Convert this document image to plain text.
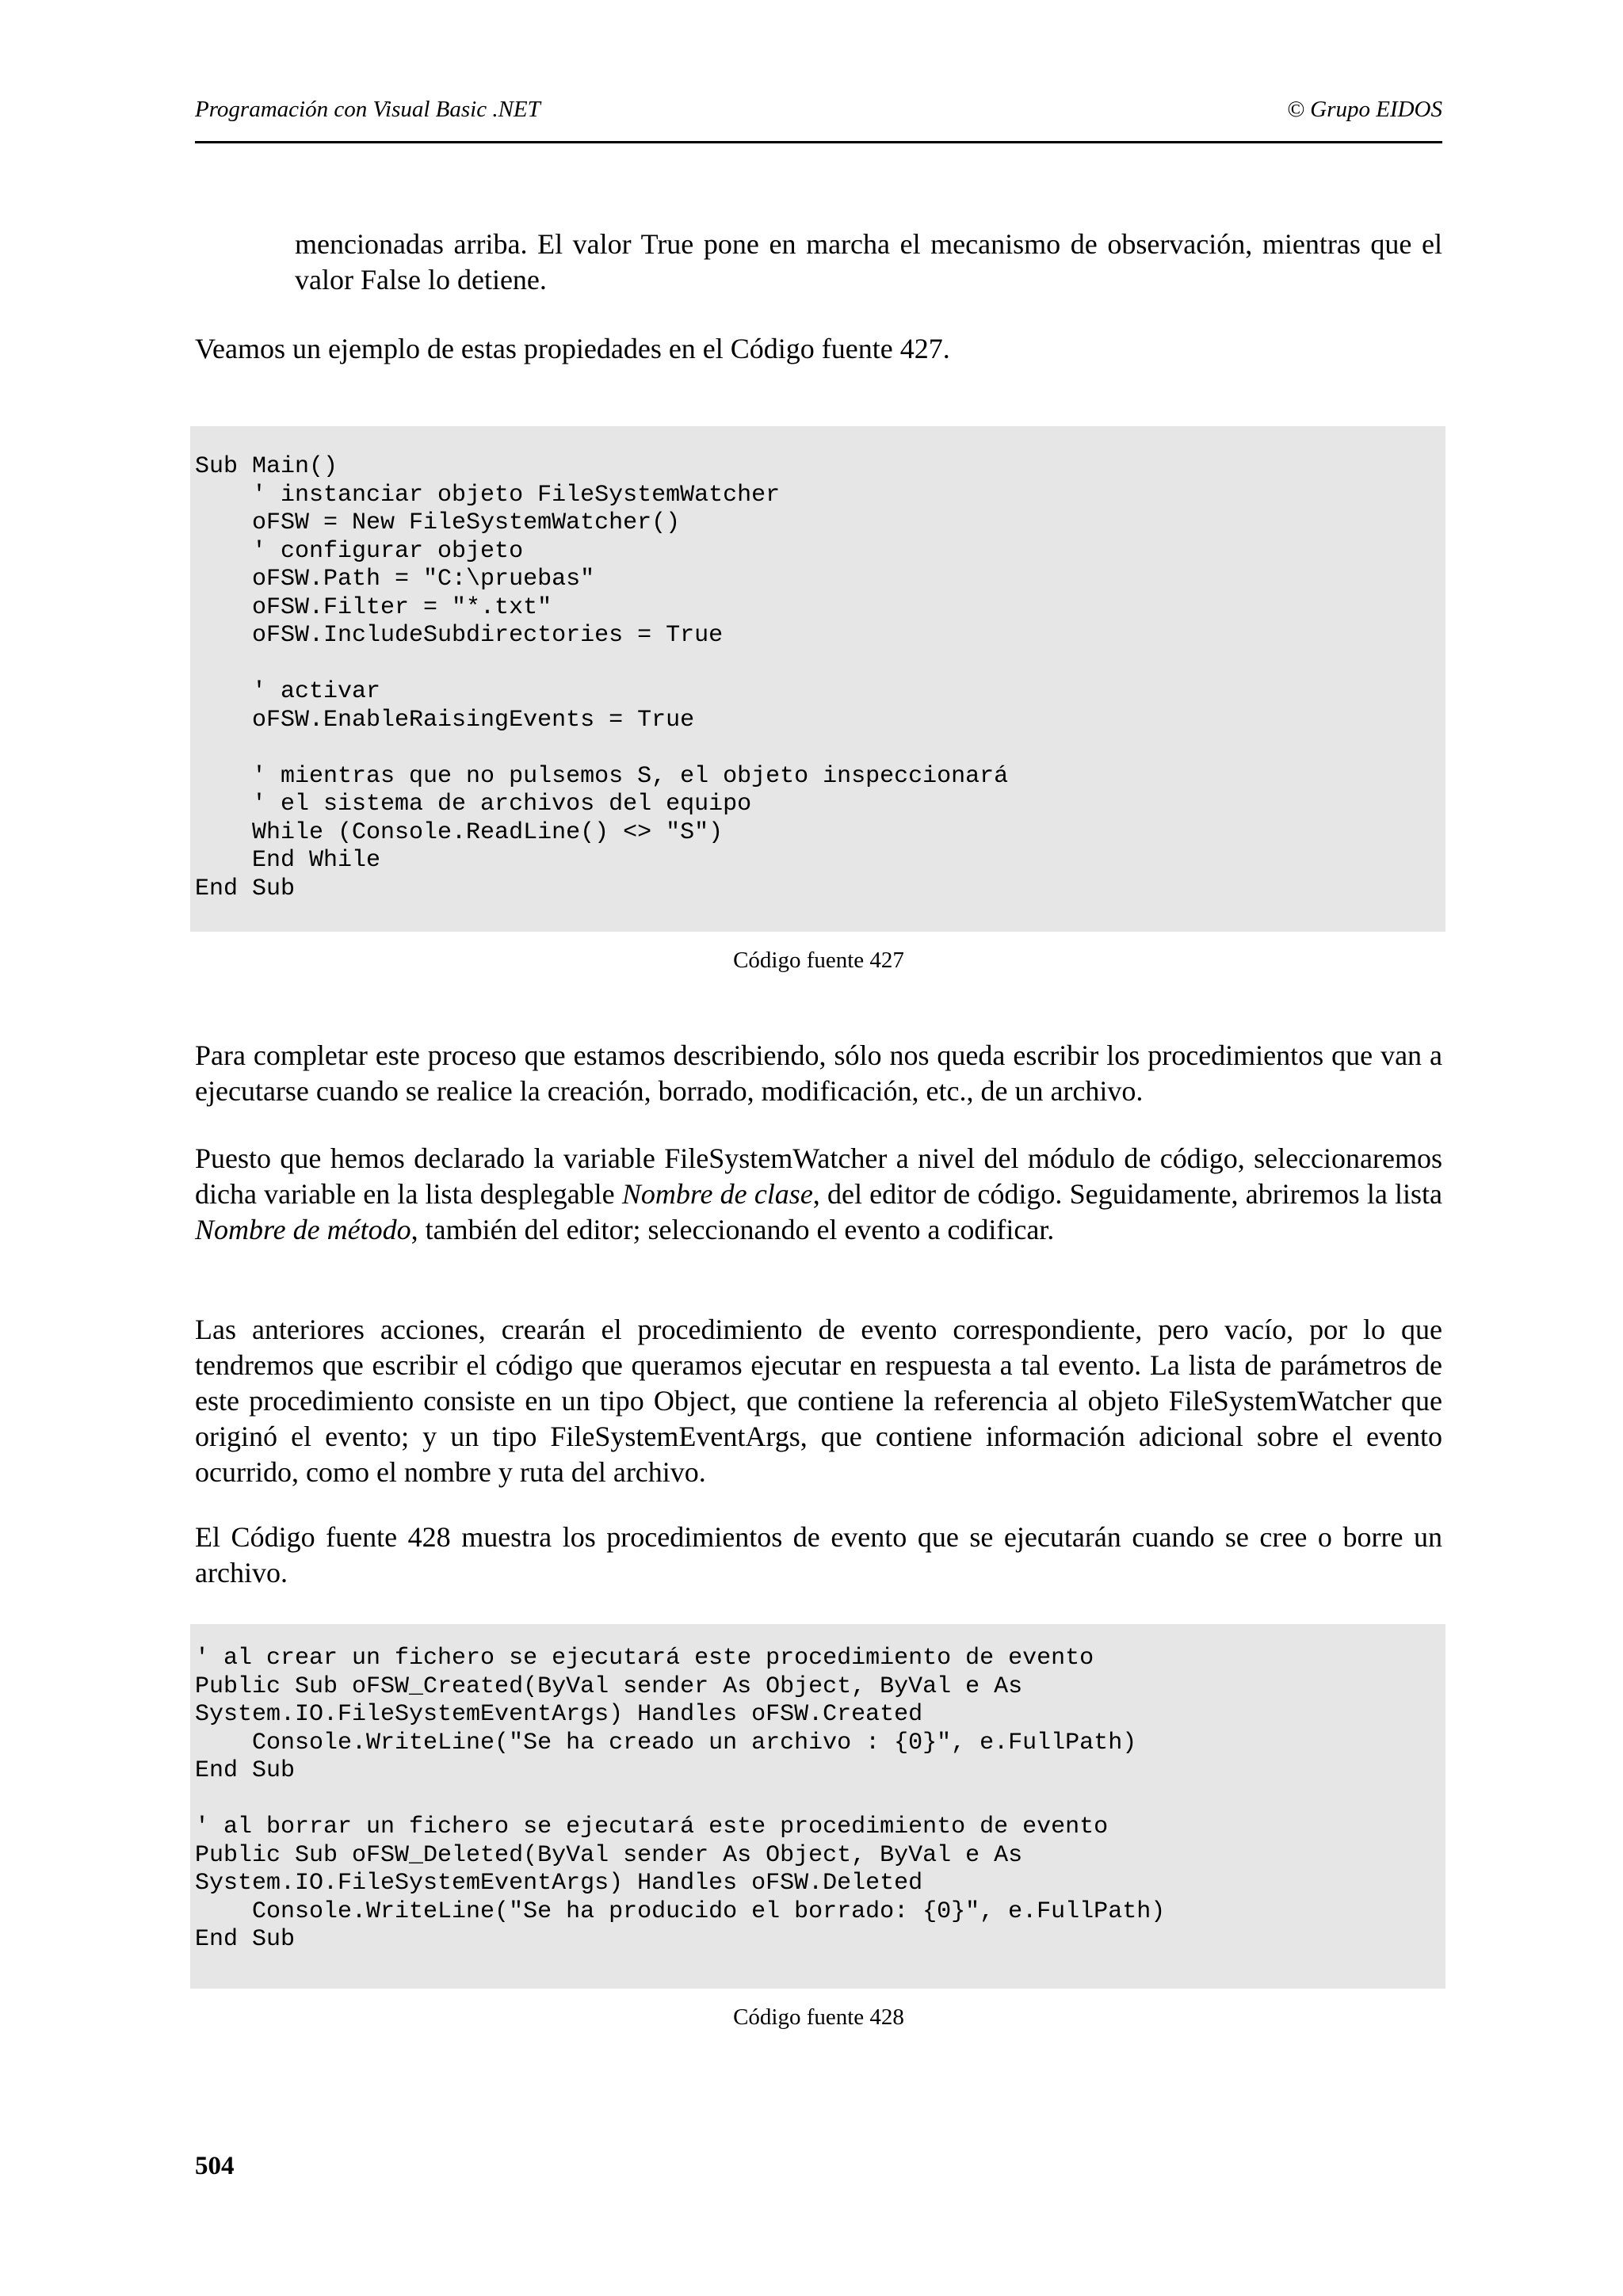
Programación con Visual Basic .NET	© Grupo EIDOS

mencionadas arriba. El valor True pone en marcha el mecanismo de observación, mientras que el valor False lo detiene.

Veamos un ejemplo de estas propiedades en el Código fuente 427.

Sub Main()
' instanciar objeto FileSystemWatcher
oFSW = New FileSystemWatcher()
' configurar objeto
oFSW.Path = "C:\pruebas"
oFSW.Filter = "*.txt"
oFSW.IncludeSubdirectories = True

' activar
oFSW.EnableRaisingEvents = True

' mientras que no pulsemos S, el objeto inspeccionará
' el sistema de archivos del equipo
While (Console.ReadLine() <> "S")
End While
End Sub
Código fuente 427

Para completar este proceso que estamos describiendo, sólo nos queda escribir los procedimientos que van a ejecutarse cuando se realice la creación, borrado, modificación, etc., de un archivo.

Puesto que hemos declarado la variable FileSystemWatcher a nivel del módulo de código, seleccionaremos dicha variable en la lista desplegable Nombre de clase, del editor de código. Seguidamente, abriremos la lista Nombre de método, también del editor; seleccionando el evento a codificar.

Las anteriores acciones, crearán el procedimiento de evento correspondiente, pero vacío, por lo que tendremos que escribir el código que queramos ejecutar en respuesta a tal evento. La lista de parámetros de este procedimiento consiste en un tipo Object, que contiene la referencia al objeto FileSystemWatcher que originó el evento; y un tipo FileSystemEventArgs, que contiene información adicional sobre el evento ocurrido, como el nombre y ruta del archivo.

El Código fuente 428 muestra los procedimientos de evento que se ejecutarán cuando se cree o borre un archivo.

' al crear un fichero se ejecutará este procedimiento de evento
Public Sub oFSW_Created(ByVal sender As Object, ByVal e As
System.IO.FileSystemEventArgs) Handles oFSW.Created
Console.WriteLine("Se ha creado un archivo : {0}", e.FullPath)
End Sub

' al borrar un fichero se ejecutará este procedimiento de evento
Public Sub oFSW_Deleted(ByVal sender As Object, ByVal e As
System.IO.FileSystemEventArgs) Handles oFSW.Deleted
Console.WriteLine("Se ha producido el borrado: {0}", e.FullPath)
End Sub
Código fuente 428
504
